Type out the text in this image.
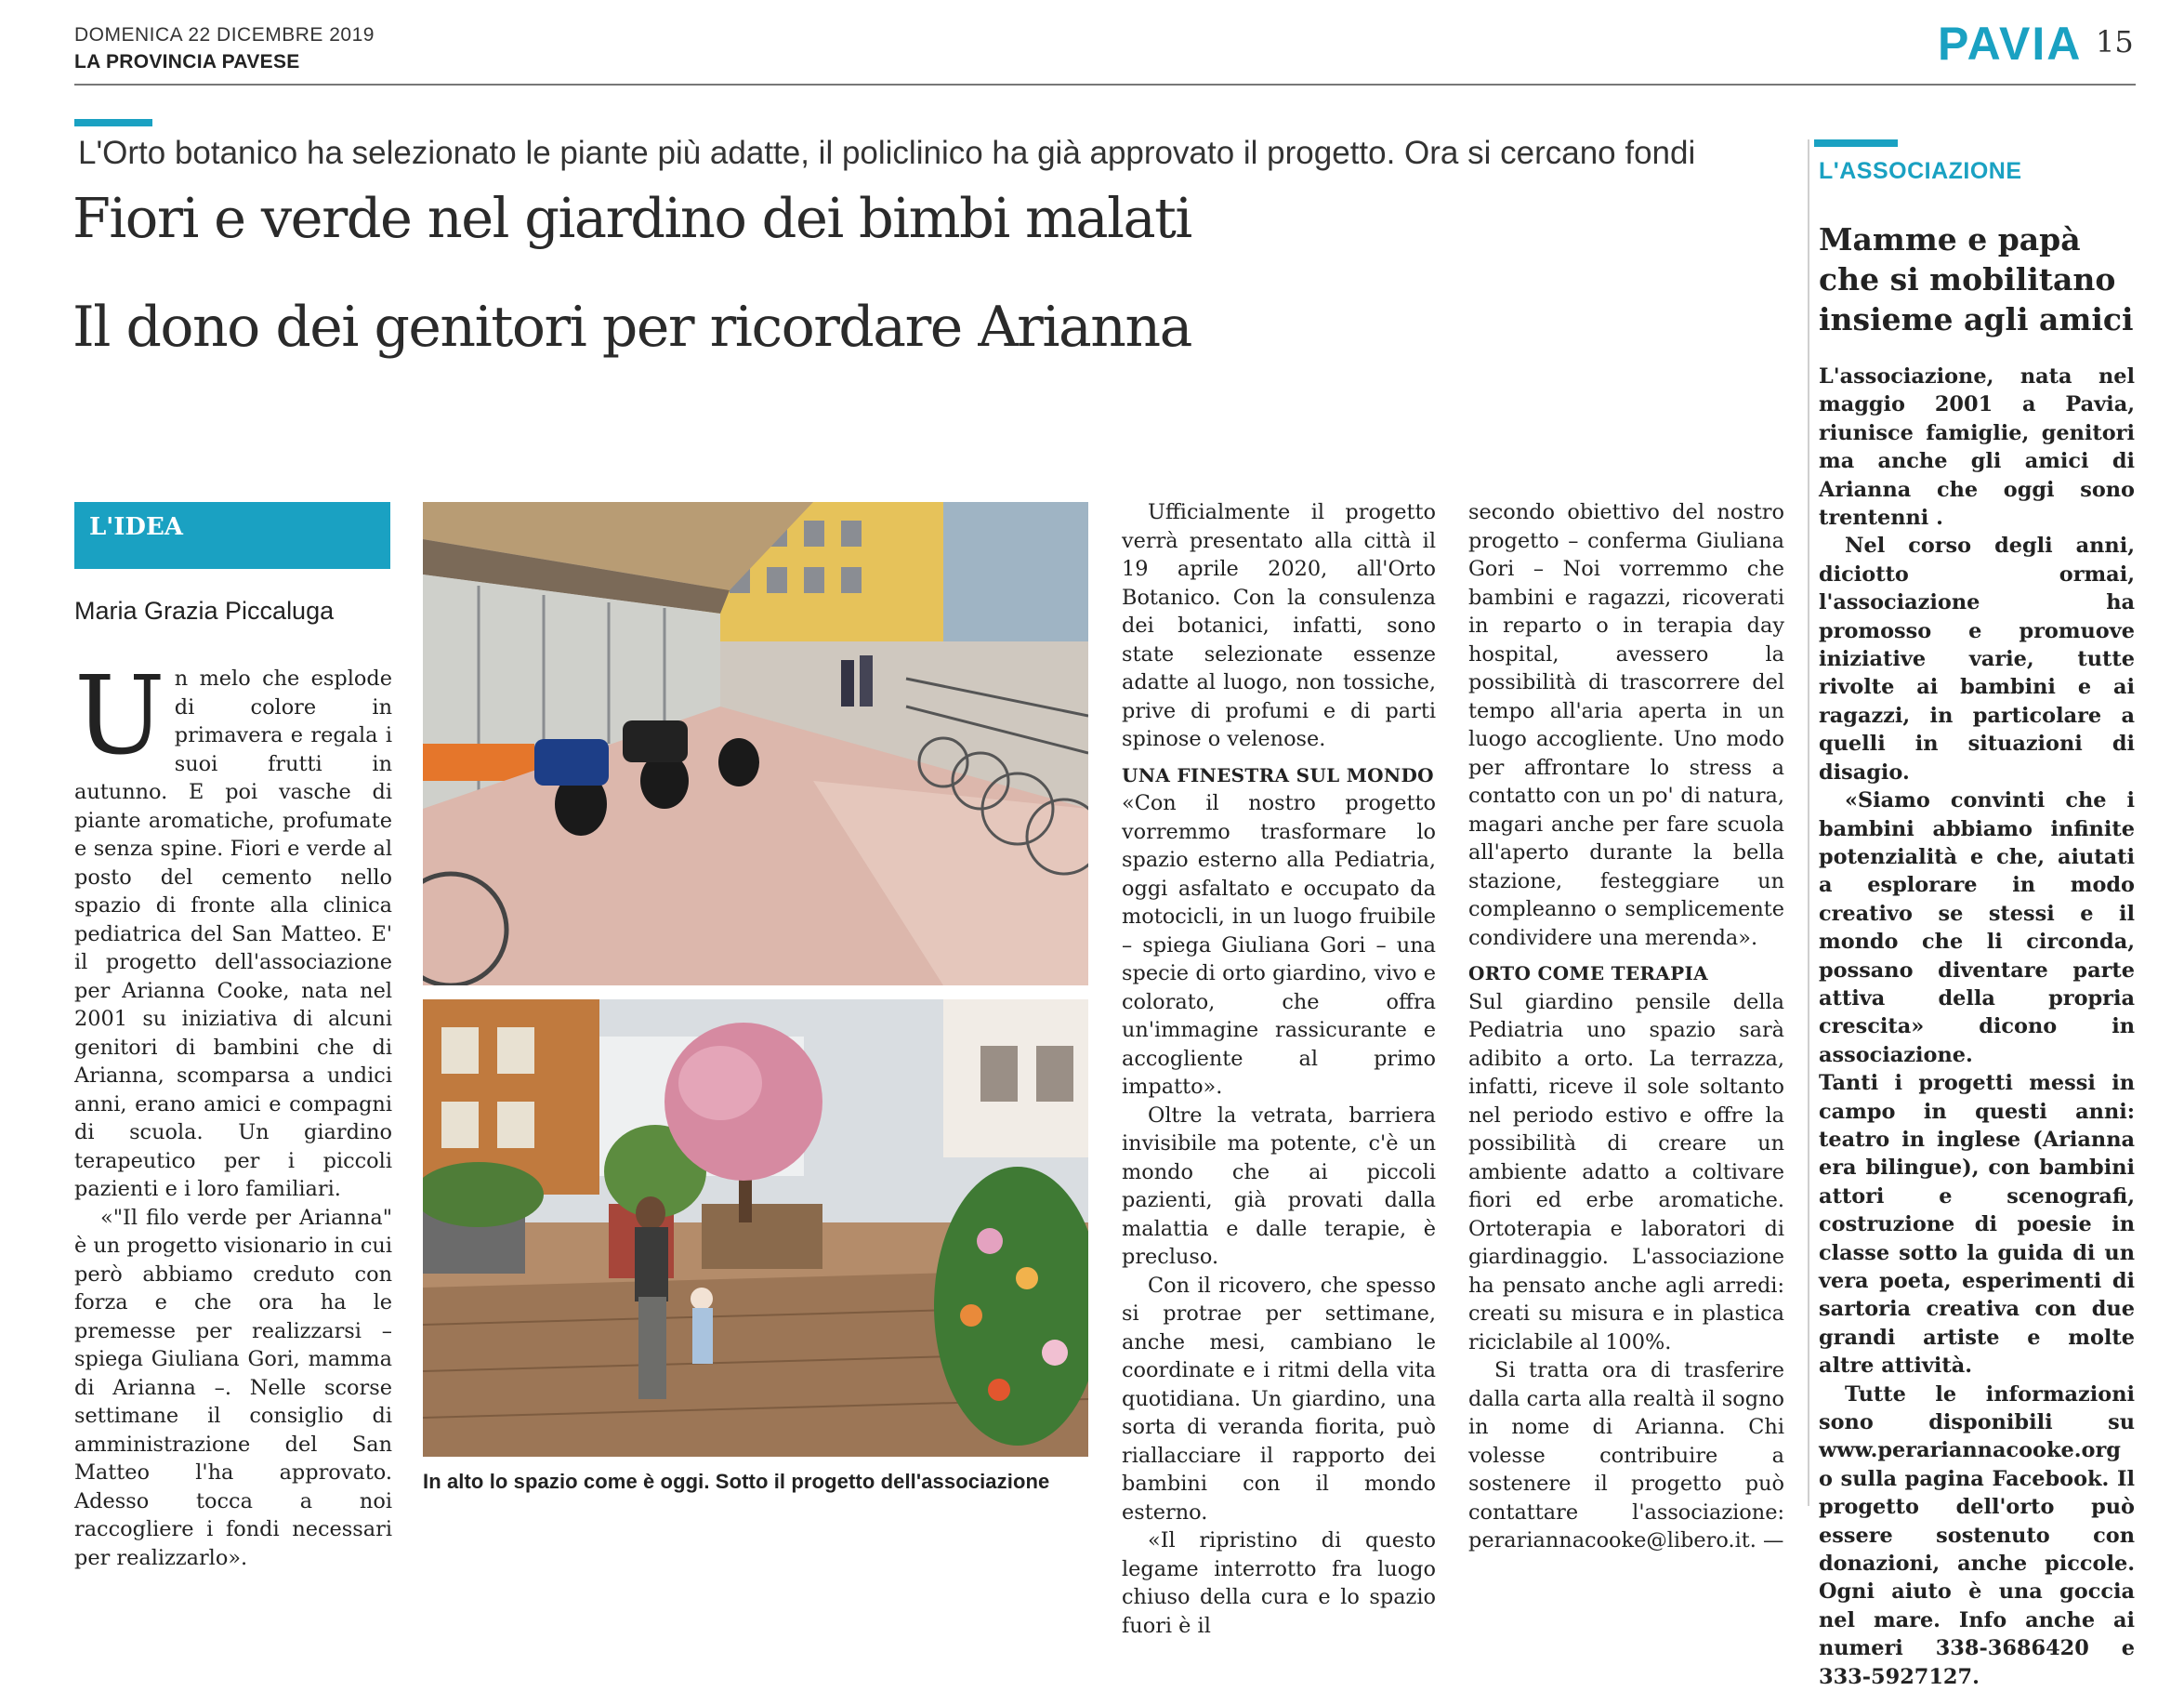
DOMENICA 22 DICEMBRE 2019
LA PROVINCIA PAVESE	PAVIA 15
L'Orto botanico ha selezionato le piante più adatte, il policlinico ha già approvato il progetto. Ora si cercano fondi
Fiori e verde nel giardino dei bimbi malati
Il dono dei genitori per ricordare Arianna
L'IDEA
Maria Grazia Piccaluga
U n melo che esplode di colore in primavera e regala i suoi frutti in autunno. E poi vasche di piante aromatiche, profumate e senza spine. Fiori e verde al posto del cemento nello spazio di fronte alla clinica pediatrica del San Matteo. E' il progetto dell'associazione per Arianna Cooke, nata nel 2001 su iniziativa di alcuni genitori di bambini che di Arianna, scomparsa a undici anni, erano amici e compagni di scuola. Un giardino terapeutico per i piccoli pazienti e i loro familiari.

«"Il filo verde per Arianna" è un progetto visionario in cui però abbiamo creduto con forza e che ora ha le premesse per realizzarsi – spiega Giuliana Gori, mamma di Arianna –. Nelle scorse settimane il consiglio di amministrazione del San Matteo l'ha approvato. Adesso tocca a noi raccogliere i fondi necessari per realizzarlo».

In alto lo spazio come è oggi. Sotto il progetto dell'associazione

Ufficialmente il progetto verrà presentato alla città il 19 aprile 2020, all'Orto Botanico. Con la consulenza dei botanici, infatti, sono state selezionate essenze adatte al luogo, non tossiche, prive di profumi e di parti spinose o velenose.

UNA FINESTRA SUL MONDO

«Con il nostro progetto vorremmo trasformare lo spazio esterno alla Pediatria, oggi asfaltato e occupato da motocicli, in un luogo fruibile – spiega Giuliana Gori – una specie di orto giardino, vivo e colorato, che offra un'immagine rassicurante e accogliente al primo impatto».

Oltre la vetrata, barriera invisibile ma potente, c'è un mondo che ai piccoli pazienti, già provati dalla malattia e dalle terapie, è precluso.

Con il ricovero, che spesso si protrae per settimane, anche mesi, cambiano le coordinate e i ritmi della vita quotidiana. Un giardino, una sorta di veranda fiorita, può riallacciare il rapporto dei bambini con il mondo esterno.

«Il ripristino di questo legame interrotto fra luogo chiuso della cura e lo spazio fuori è il

secondo obiettivo del nostro progetto – conferma Giuliana Gori – Noi vorremmo che bambini e ragazzi, ricoverati in reparto o in terapia day hospital, avessero la possibilità di trascorrere del tempo all'aria aperta in un luogo accogliente. Uno modo per affrontare lo stress a contatto con un po' di natura, magari anche per fare scuola all'aperto durante la bella stazione, festeggiare un compleanno o semplicemente condividere una merenda».

ORTO COME TERAPIA

Sul giardino pensile della Pediatria uno spazio sarà adibito a orto. La terrazza, infatti, riceve il sole soltanto nel periodo estivo e offre la possibilità di creare un ambiente adatto a coltivare fiori ed erbe aromatiche. Ortoterapia e laboratori di giardinaggio. L'associazione ha pensato anche agli arredi: creati su misura e in plastica riciclabile al 100%.

Si tratta ora di trasferire dalla carta alla realtà il sogno in nome di Arianna. Chi volesse contribuire a sostenere il progetto può contattare l'associazione: perariannacooke@libero.it. —

L'ASSOCIAZIONE
Mamme e papà che si mobilitano insieme agli amici

L'associazione, nata nel maggio 2001 a Pavia, riunisce famiglie, genitori ma anche gli amici di Arianna che oggi sono trentenni .

Nel corso degli anni, diciotto ormai, l'associazione ha promosso e promuove iniziative varie, tutte rivolte ai bambini e ai ragazzi, in particolare a quelli in situazioni di disagio.

«Siamo convinti che i bambini abbiamo infinite potenzialità e che, aiutati a esplorare in modo creativo se stessi e il mondo che li circonda, possano diventare parte attiva della propria crescita» dicono in associazione.

Tanti i progetti messi in campo in questi anni: teatro in inglese (Arianna era bilingue), con bambini attori e scenografi, costruzione di poesie in classe sotto la guida di un vera poeta, esperimenti di sartoria creativa con due grandi artiste e molte altre attività.

Tutte le informazioni sono disponibili su www.perariannacooke.org o sulla pagina Facebook. Il progetto dell'orto può essere sostenuto con donazioni, anche piccole. Ogni aiuto è una goccia nel mare. Info anche ai numeri 338-3686420 e 333-5927127.
